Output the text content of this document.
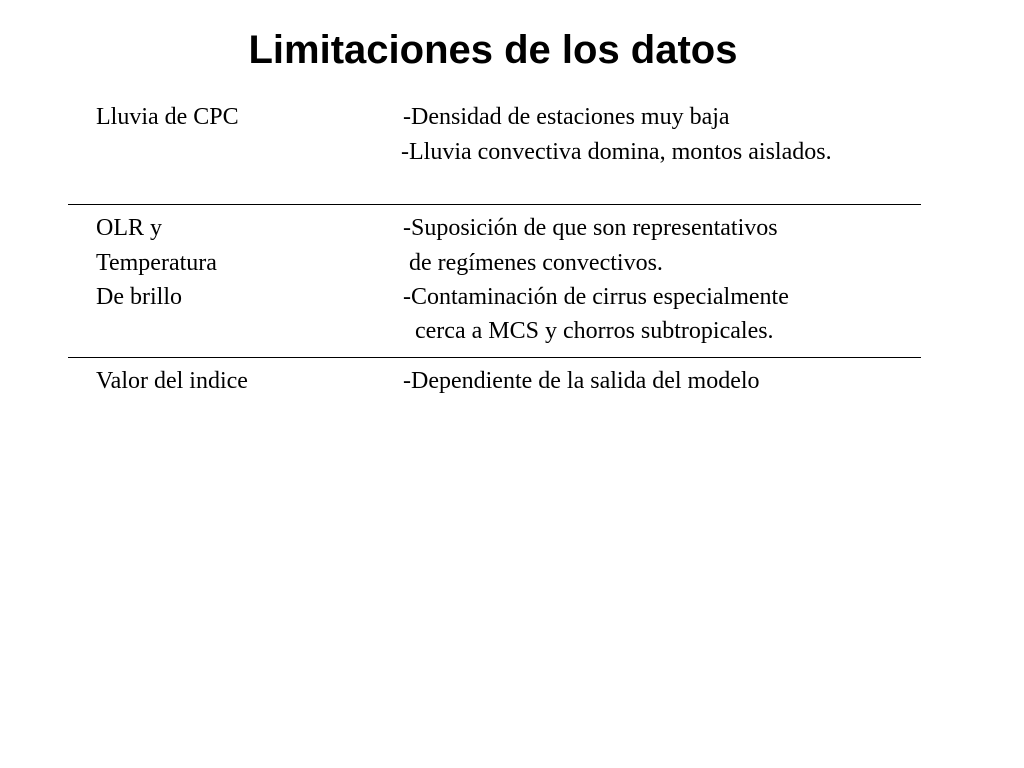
Limitaciones de los datos
Lluvia de CPC	-Densidad de estaciones muy baja
-Lluvia convectiva domina, montos aislados.
OLR y
Temperatura
De brillo
-Suposición de que son representativos
de regímenes convectivos.
-Contaminación de cirrus especialmente
cerca a MCS y chorros subtropicales.
Valor del indice	-Dependiente de la salida del modelo
